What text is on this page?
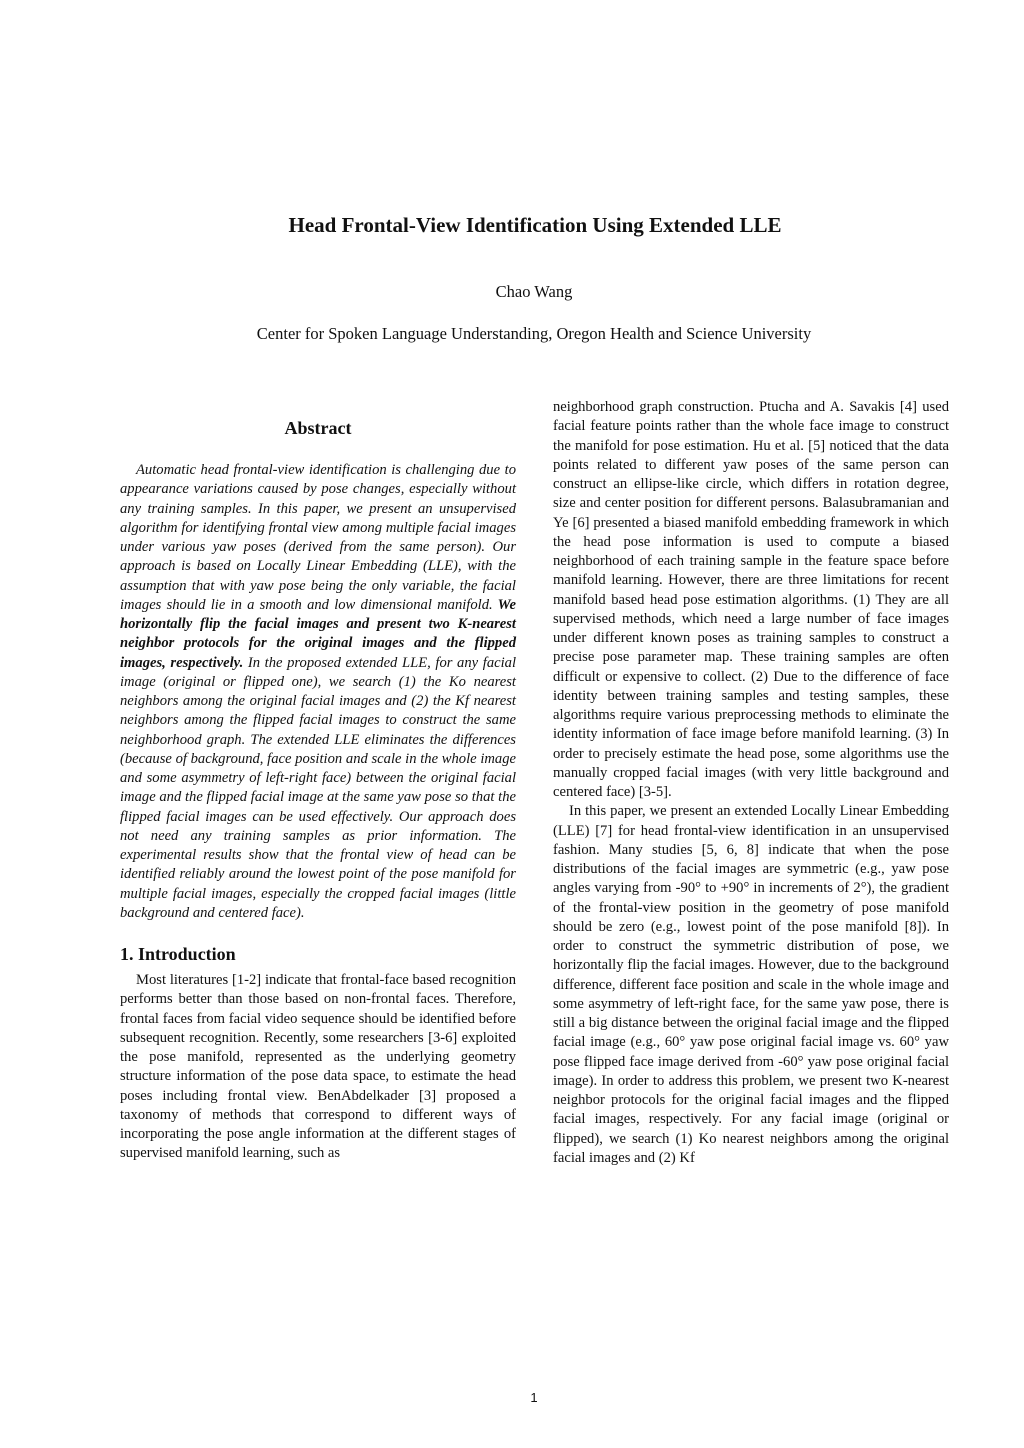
Head Frontal-View Identification Using Extended LLE

Chao Wang

Center for Spoken Language Understanding, Oregon Health and Science University

Abstract

Automatic head frontal-view identification is challenging due to appearance variations caused by pose changes, especially without any training samples. In this paper, we present an unsupervised algorithm for identifying frontal view among multiple facial images under various yaw poses (derived from the same person). Our approach is based on Locally Linear Embedding (LLE), with the assumption that with yaw pose being the only variable, the facial images should lie in a smooth and low dimensional manifold. We horizontally flip the facial images and present two K-nearest neighbor protocols for the original images and the flipped images, respectively. In the proposed extended LLE, for any facial image (original or flipped one), we search (1) the Ko nearest neighbors among the original facial images and (2) the Kf nearest neighbors among the flipped facial images to construct the same neighborhood graph. The extended LLE eliminates the differences (because of background, face position and scale in the whole image and some asymmetry of left-right face) between the original facial image and the flipped facial image at the same yaw pose so that the flipped facial images can be used effectively. Our approach does not need any training samples as prior information. The experimental results show that the frontal view of head can be identified reliably around the lowest point of the pose manifold for multiple facial images, especially the cropped facial images (little background and centered face).

1. Introduction

Most literatures [1-2] indicate that frontal-face based recognition performs better than those based on non-frontal faces. Therefore, frontal faces from facial video sequence should be identified before subsequent recognition. Recently, some researchers [3-6] exploited the pose manifold, represented as the underlying geometry structure information of the pose data space, to estimate the head poses including frontal view. BenAbdelkader [3] proposed a taxonomy of methods that correspond to different ways of incorporating the pose angle information at the different stages of supervised manifold learning, such as

neighborhood graph construction. Ptucha and A. Savakis [4] used facial feature points rather than the whole face image to construct the manifold for pose estimation. Hu et al. [5] noticed that the data points related to different yaw poses of the same person can construct an ellipse-like circle, which differs in rotation degree, size and center position for different persons. Balasubramanian and Ye [6] presented a biased manifold embedding framework in which the head pose information is used to compute a biased neighborhood of each training sample in the feature space before manifold learning. However, there are three limitations for recent manifold based head pose estimation algorithms. (1) They are all supervised methods, which need a large number of face images under different known poses as training samples to construct a precise pose parameter map. These training samples are often difficult or expensive to collect. (2) Due to the difference of face identity between training samples and testing samples, these algorithms require various preprocessing methods to eliminate the identity information of face image before manifold learning. (3) In order to precisely estimate the head pose, some algorithms use the manually cropped facial images (with very little background and centered face) [3-5].

In this paper, we present an extended Locally Linear Embedding (LLE) [7] for head frontal-view identification in an unsupervised fashion. Many studies [5, 6, 8] indicate that when the pose distributions of the facial images are symmetric (e.g., yaw pose angles varying from -90° to +90° in increments of 2°), the gradient of the frontal-view position in the geometry of pose manifold should be zero (e.g., lowest point of the pose manifold [8]). In order to construct the symmetric distribution of pose, we horizontally flip the facial images. However, due to the background difference, different face position and scale in the whole image and some asymmetry of left-right face, for the same yaw pose, there is still a big distance between the original facial image and the flipped facial image (e.g., 60° yaw pose original facial image vs. 60° yaw pose flipped face image derived from -60° yaw pose original facial image). In order to address this problem, we present two K-nearest neighbor protocols for the original facial images and the flipped facial images, respectively. For any facial image (original or flipped), we search (1) Ko nearest neighbors among the original facial images and (2) Kf

1
